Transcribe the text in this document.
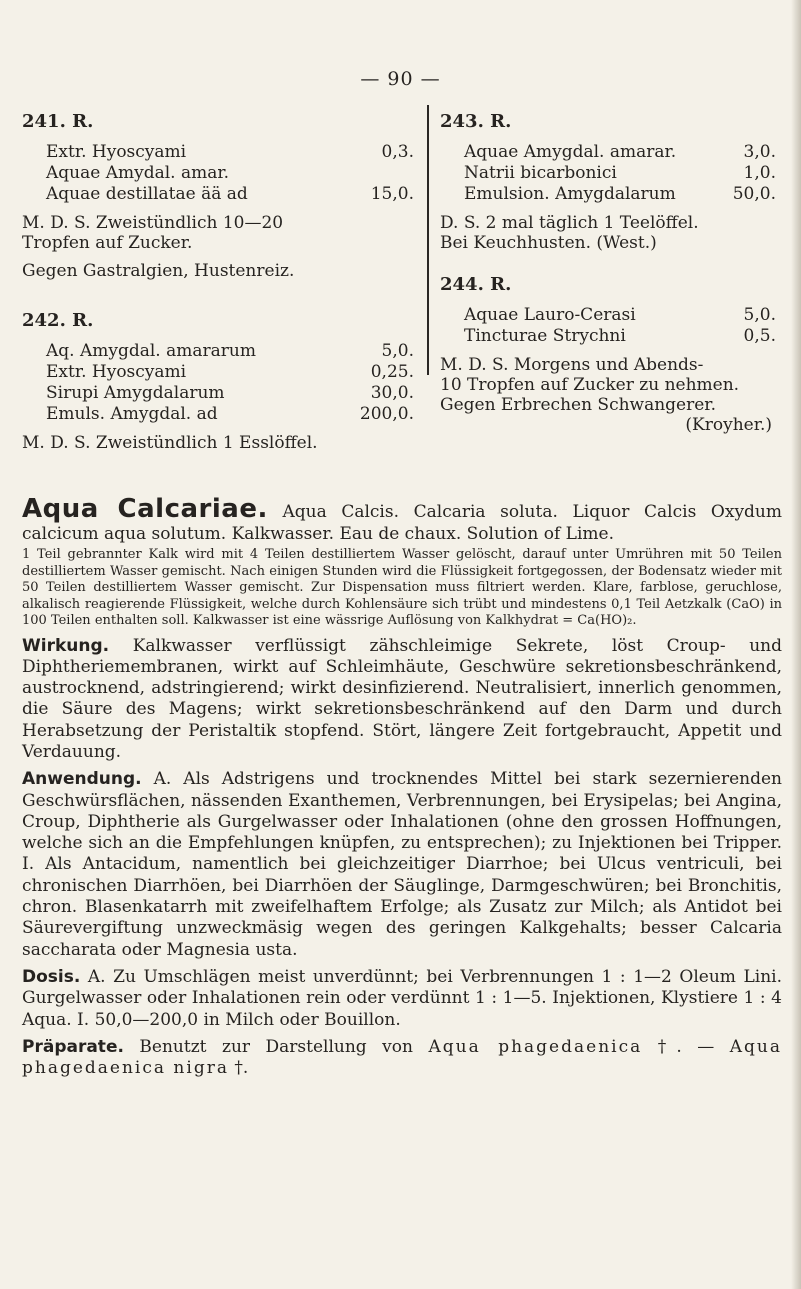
— 90 —
241. R.
Extr. Hyoscyami	0,3.
Aquae Amydal. amar.
Aquae destillatae ää ad	15,0.
M. D. S. Zweistündlich 10—20
Tropfen auf Zucker.
Gegen Gastralgien, Hustenreiz.
242. R.
Aq. Amygdal. amararum	5,0.
Extr. Hyoscyami	0,25.
Sirupi Amygdalarum	30,0.
Emuls. Amygdal. ad	200,0.
M. D. S. Zweistündlich 1 Esslöffel.
243. R.
Aquae Amygdal. amarar.	3,0.
Natrii bicarbonici	1,0.
Emulsion. Amygdalarum	50,0.
D. S. 2 mal täglich 1 Teelöffel.
Bei Keuchhusten. (West.)
244. R.
Aquae Lauro-Cerasi	5,0.
Tincturae Strychni	0,5.
M. D. S. Morgens und Abends-
10 Tropfen auf Zucker zu nehmen.
Gegen Erbrechen Schwangerer.
(Kroyher.)
Aqua Calcariae. Aqua Calcis. Calcaria soluta. Liquor Calcis Oxydum calcicum aqua solutum. Kalkwasser. Eau de chaux. Solution of Lime.
1 Teil gebrannter Kalk wird mit 4 Teilen destilliertem Wasser gelöscht, darauf unter Umrühren mit 50 Teilen destilliertem Wasser gemischt. Nach einigen Stunden wird die Flüssigkeit fortgegossen, der Bodensatz wieder mit 50 Teilen destilliertem Wasser gemischt. Zur Dispensation muss filtriert werden. Klare, farblose, geruchlose, alkalisch reagierende Flüssigkeit, welche durch Kohlensäure sich trübt und mindestens 0,1 Teil Aetzkalk (CaO) in 100 Teilen enthalten soll. Kalkwasser ist eine wässrige Auflösung von Kalkhydrat = Ca(HO)₂.
Wirkung. Kalkwasser verflüssigt zähschleimige Sekrete, löst Croup- und Diphtheriemembranen, wirkt auf Schleimhäute, Geschwüre sekretionsbeschränkend, austrocknend, adstringierend; wirkt desinfizierend. Neutralisiert, innerlich genommen, die Säure des Magens; wirkt sekretionsbeschränkend auf den Darm und durch Herabsetzung der Peristaltik stopfend. Stört, längere Zeit fortgebraucht, Appetit und Verdauung.
Anwendung. A. Als Adstrigens und trocknendes Mittel bei stark sezernierenden Geschwürsflächen, nässenden Exanthemen, Verbrennungen, bei Erysipelas; bei Angina, Croup, Diphtherie als Gurgelwasser oder Inhalationen (ohne den grossen Hoffnungen, welche sich an die Empfehlungen knüpfen, zu entsprechen); zu Injektionen bei Tripper. I. Als Antacidum, namentlich bei gleichzeitiger Diarrhoe; bei Ulcus ventriculi, bei chronischen Diarrhöen, bei Diarrhöen der Säuglinge, Darmgeschwüren; bei Bronchitis, chron. Blasenkatarrh mit zweifelhaftem Erfolge; als Zusatz zur Milch; als Antidot bei Säurevergiftung unzweckmäsig wegen des geringen Kalkgehalts; besser Calcaria saccharata oder Magnesia usta.
Dosis. A. Zu Umschlägen meist unverdünnt; bei Verbrennungen 1 : 1—2 Oleum Lini. Gurgelwasser oder Inhalationen rein oder verdünnt 1 : 1—5. Injektionen, Klystiere 1 : 4 Aqua. I. 50,0—200,0 in Milch oder Bouillon.
Präparate. Benutzt zur Darstellung von Aqua phagedaenica †. — Aqua phagedaenica nigra †.
